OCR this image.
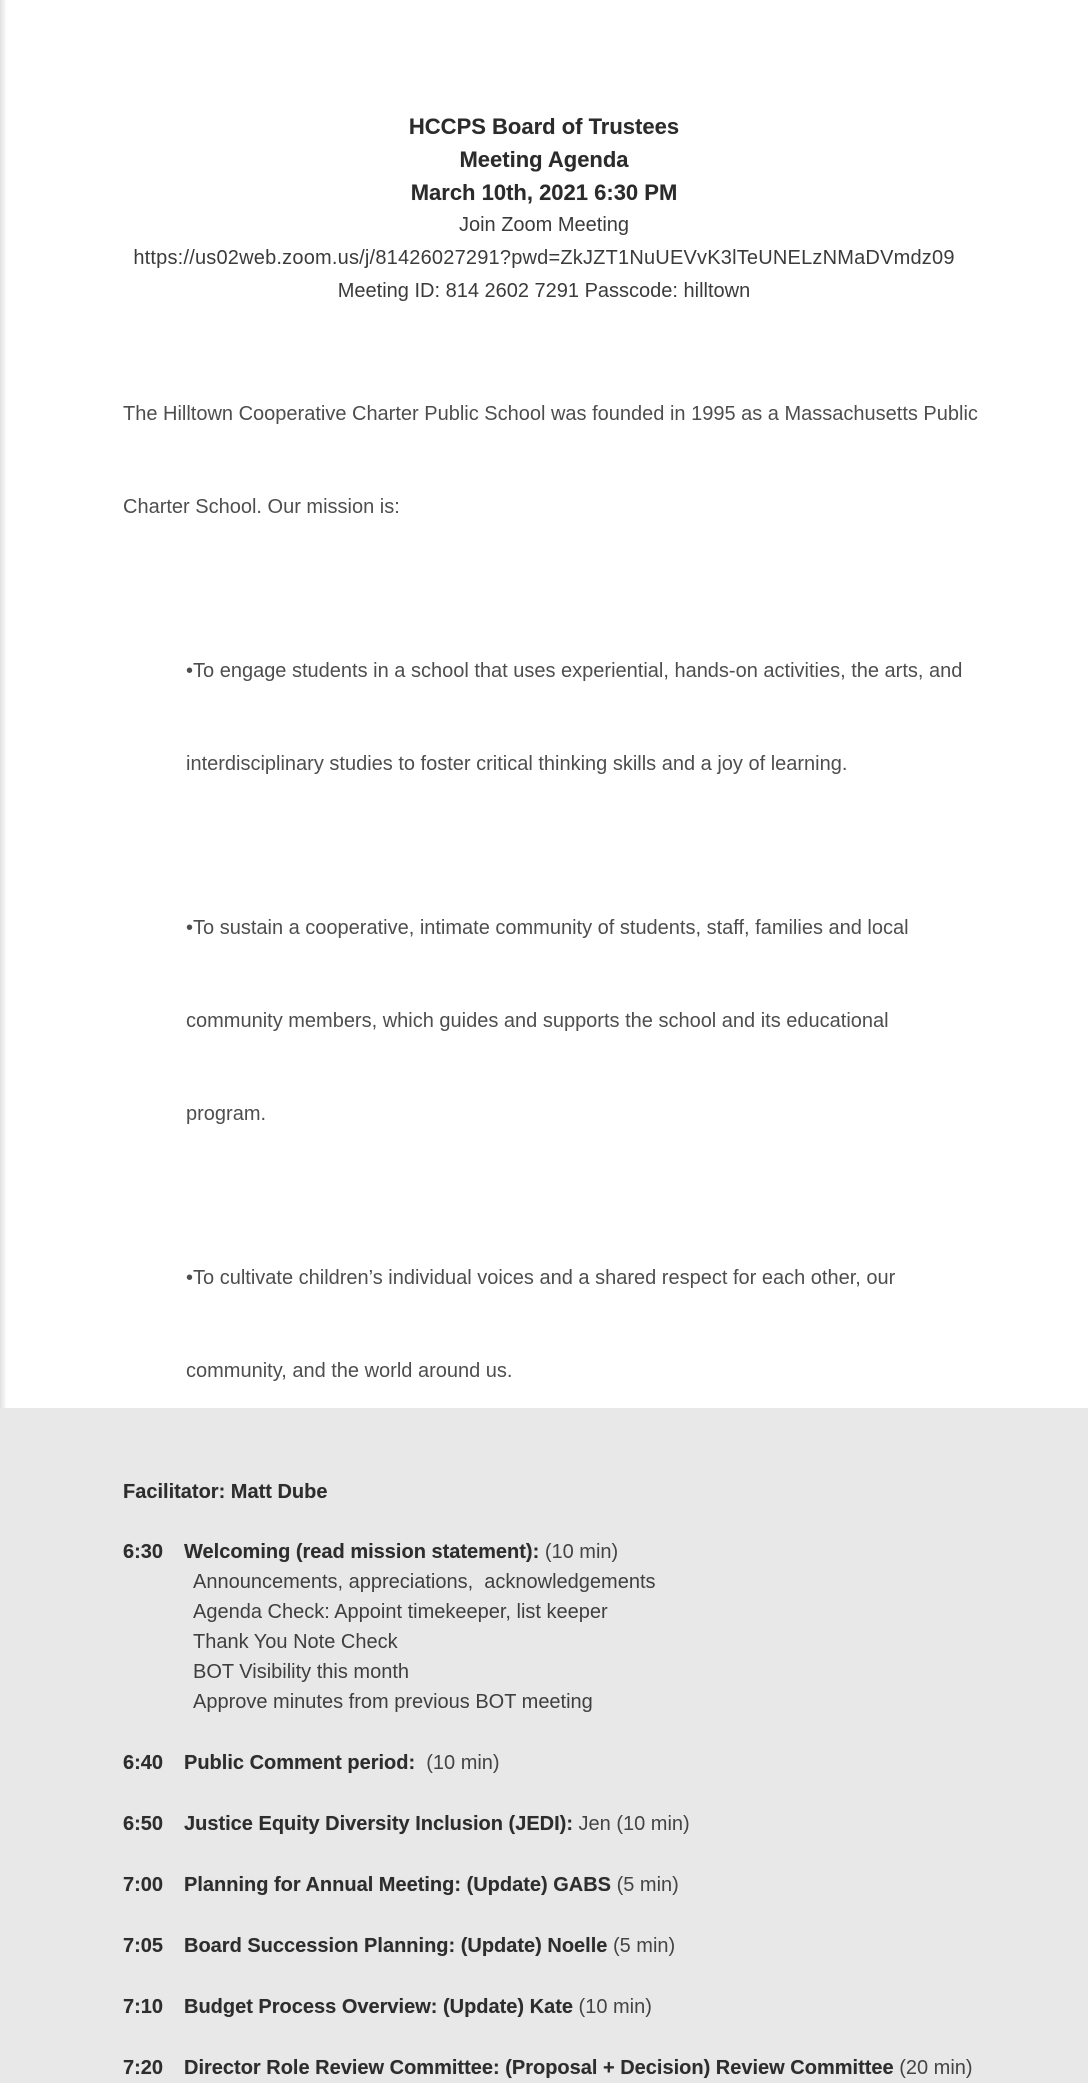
HCCPS Board of Trustees
Meeting Agenda
March 10th, 2021 6:30 PM
Join Zoom Meeting
https://us02web.zoom.us/j/81426027291?pwd=ZkJZT1NuUEVvK3lTeUNELzNMaDVmdz09
Meeting ID: 814 2602 7291 Passcode: hilltown

The Hilltown Cooperative Charter Public School was founded in 1995 as a Massachusetts Public

Charter School. Our mission is:

• To engage students in a school that uses experiential, hands-on activities, the arts, and

interdisciplinary studies to foster critical thinking skills and a joy of learning.

• To sustain a cooperative, intimate community of students, staff, families and local

community members, which guides and supports the school and its educational

program.

• To cultivate children’s individual voices and a shared respect for each other, our

community, and the world around us.

Facilitator: Matt Dube
6:30 Welcoming (read mission statement): (10 min)
Announcements, appreciations,  acknowledgements
Agenda Check: Appoint timekeeper, list keeper
Thank You Note Check
BOT Visibility this month
Approve minutes from previous BOT meeting
6:40 Public Comment period:  (10 min)
6:50 Justice Equity Diversity Inclusion (JEDI): Jen (10 min)
7:00 Planning for Annual Meeting: (Update) GABS (5 min)
7:05 Board Succession Planning: (Update) Noelle (5 min)
7:10 Budget Process Overview: (Update) Kate (10 min)
7:20 Director Role Review Committee: (Proposal + Decision) Review Committee (20 min)
